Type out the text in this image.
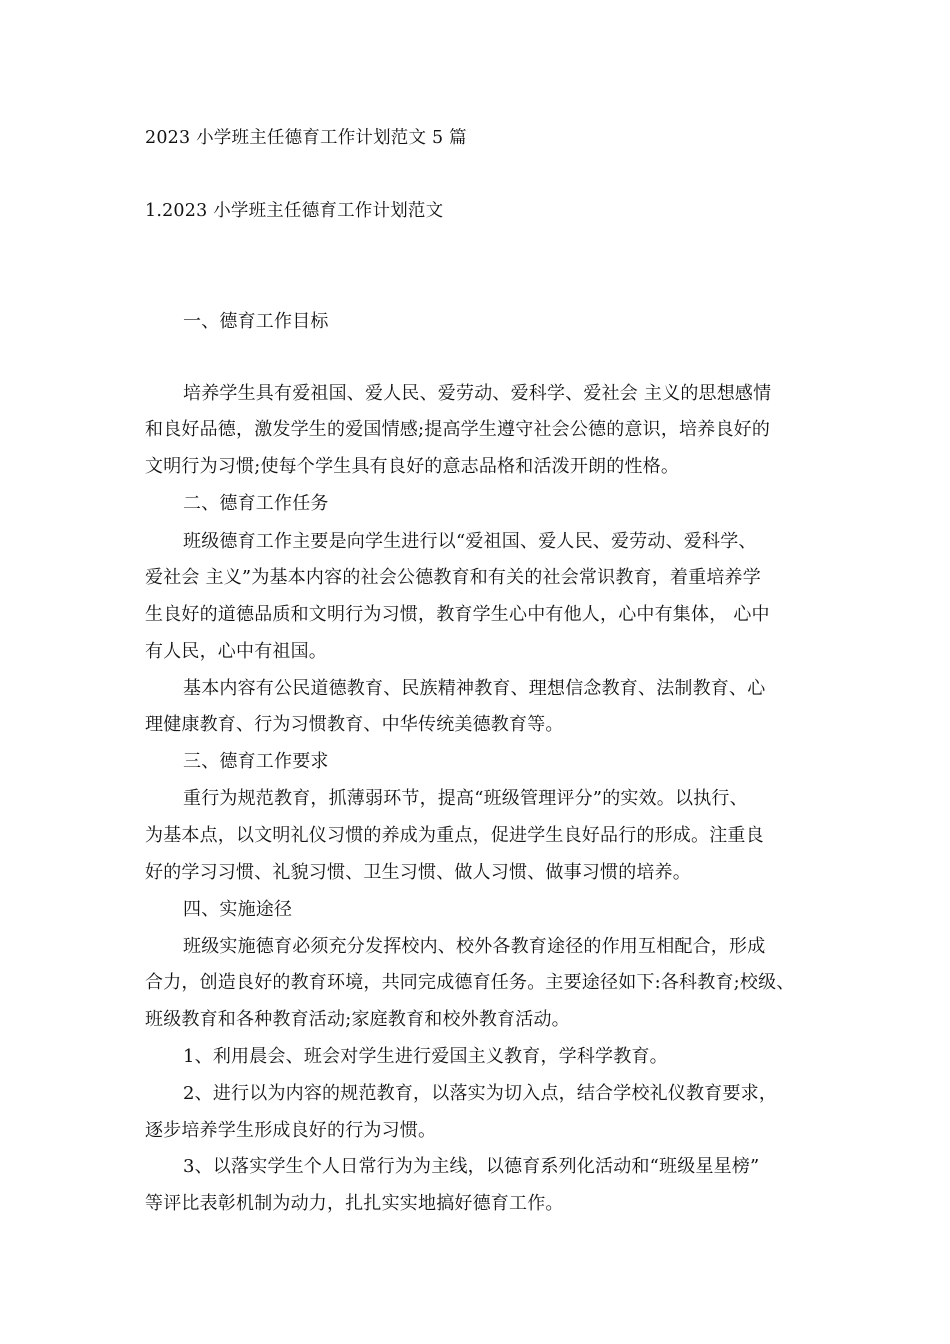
2023 小学班主任德育工作计划范文 5 篇
1.2023 小学班主任德育工作计划范文
一、德育工作目标
培养学生具有爱祖国、爱人民、爱劳动、爱科学、爱社会 主义的思想感情
和良好品德，激发学生的爱国情感;提高学生遵守社会公德的意识，培养良好的
文明行为习惯;使每个学生具有良好的意志品格和活泼开朗的性格。
二、德育工作任务
班级德育工作主要是向学生进行以“爱祖国、爱人民、爱劳动、爱科学、
爱社会 主义”为基本内容的社会公德教育和有关的社会常识教育，着重培养学
生良好的道德品质和文明行为习惯，教育学生心中有他人，心中有集体， 心中
有人民，心中有祖国。
基本内容有公民道德教育、民族精神教育、理想信念教育、法制教育、心
理健康教育、行为习惯教育、中华传统美德教育等。
三、德育工作要求
重行为规范教育，抓薄弱环节，提高“班级管理评分”的实效。以执行、
为基本点，以文明礼仪习惯的养成为重点，促进学生良好品行的形成。注重良
好的学习习惯、礼貌习惯、卫生习惯、做人习惯、做事习惯的培养。
四、实施途径
班级实施德育必须充分发挥校内、校外各教育途径的作用互相配合，形成
合力，创造良好的教育环境，共同完成德育任务。主要途径如下:各科教育;校级、
班级教育和各种教育活动;家庭教育和校外教育活动。
1、利用晨会、班会对学生进行爱国主义教育，学科学教育。
2、进行以为内容的规范教育，以落实为切入点，结合学校礼仪教育要求，
逐步培养学生形成良好的行为习惯。
3、以落实学生个人日常行为为主线，以德育系列化活动和“班级星星榜”
等评比表彰机制为动力，扎扎实实地搞好德育工作。
